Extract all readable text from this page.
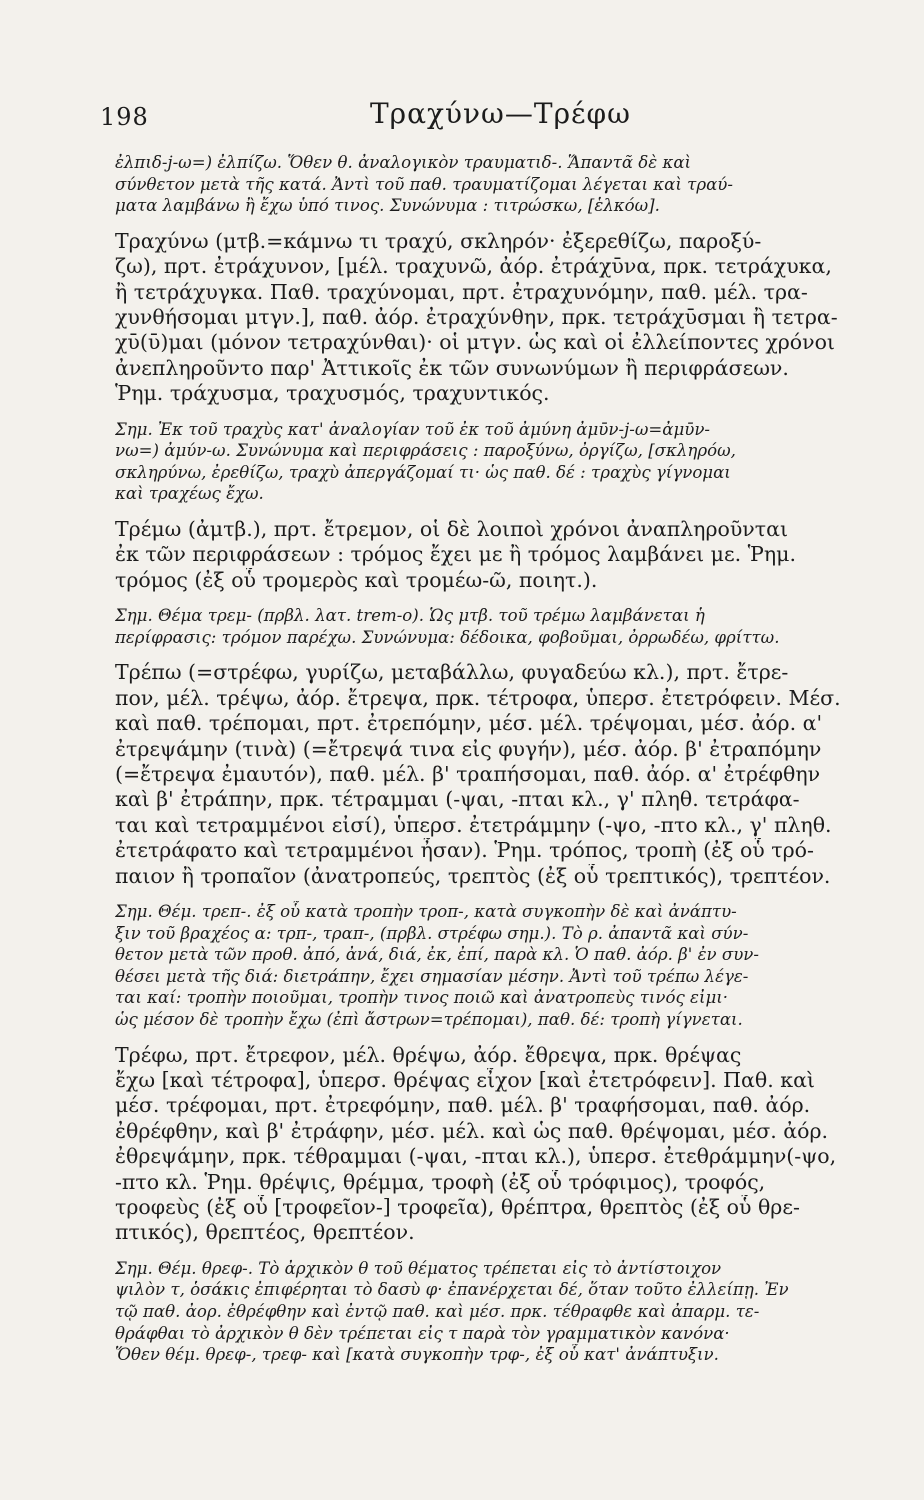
198	Τραχύνω—Τρέφω
ἐλπιδ-j-ω=) ἐλπίζω. Ὅθεν θ. ἀναλογικὸν τραυματιδ-. Ἅπαντᾶ δὲ καὶ
σύνθετον μετὰ τῆς κατά. Ἀντὶ τοῦ παθ. τραυματίζομαι λέγεται καὶ τραύ-
ματα λαμβάνω ἢ ἔχω ὑπό τινος. Συνώνυμα : τιτρώσκω, [ἑλκόω].
Τραχύνω (μτβ.=κάμνω τι τραχύ, σκληρόν· ἐξερεθίζω, παροξύ-
ζω), πρτ. ἐτράχυνον, [μέλ. τραχυνῶ, ἀόρ. ἐτράχῡνα, πρκ. τετράχυκα,
ἢ τετράχυγκα. Παθ. τραχύνομαι, πρτ. ἐτραχυνόμην, παθ. μέλ. τρα-
χυνθήσομαι μτγν.], παθ. ἀόρ. ἐτραχύνθην, πρκ. τετράχῡσμαι ἢ τετρα-
χῡ(ῡ)μαι (μόνον τετραχύνθαι)· οἱ μτγν. ὡς καὶ οἱ ἐλλείποντες χρόνοι
ἀνεπληροῦντο παρ' Ἀττικοῖς ἐκ τῶν συνωνύμων ἢ περιφράσεων.
Ῥημ. τράχυσμα, τραχυσμός, τραχυντικός.
Σημ. Ἐκ τοῦ τραχὺς κατ' ἀναλογίαν τοῦ ἐκ τοῦ ἀμύνη ἀμῡν-j-ω=ἀμῡν-
νω=) ἀμύν-ω. Συνώνυμα καὶ περιφράσεις : παροξύνω, ὀργίζω, [σκληρόω,
σκληρύνω, ἐρεθίζω, τραχὺ ἀπεργάζομαί τι· ὡς παθ. δέ : τραχὺς γίγνομαι
καὶ τραχέως ἔχω.
Τρέμω (ἀμτβ.), πρτ. ἔτρεμον, οἱ δὲ λοιποὶ χρόνοι ἀναπληροῦνται
ἐκ τῶν περιφράσεων : τρόμος ἔχει με ἢ τρόμος λαμβάνει με. Ῥημ.
τρόμος (ἐξ οὗ τρομερὸς καὶ τρομέω-ῶ, ποιητ.).
Σημ. Θέμα τρεμ- (πρβλ. λατ. trem-o). Ὡς μτβ. τοῦ τρέμω λαμβάνεται ἡ
περίφρασις: τρόμον παρέχω. Συνώνυμα: δέδοικα, φοβοῦμαι, ὀρρωδέω, φρίττω.
Τρέπω (=στρέφω, γυρίζω, μεταβάλλω, φυγαδεύω κλ.), πρτ. ἔτρε-
πον, μέλ. τρέψω, ἀόρ. ἔτρεψα, πρκ. τέτροφα, ὑπερσ. ἐτετρόφειν. Μέσ.
καὶ παθ. τρέπομαι, πρτ. ἐτρεπόμην, μέσ. μέλ. τρέψομαι, μέσ. ἀόρ. α'
ἐτρεψάμην (τινὰ) (=ἔτρεψά τινα εἰς φυγήν), μέσ. ἀόρ. β' ἐτραπόμην
(=ἔτρεψα ἐμαυτόν), παθ. μέλ. β' τραπήσομαι, παθ. ἀόρ. α' ἐτρέφθην
καὶ β' ἐτράπην, πρκ. τέτραμμαι (-ψαι, -πται κλ., γ' πληθ. τετράφα-
ται καὶ τετραμμένοι εἰσί), ὑπερσ. ἐτετράμμην (-ψο, -πτο κλ., γ' πληθ.
ἐτετράφατο καὶ τετραμμένοι ἦσαν). Ῥημ. τρόπος, τροπὴ (ἐξ οὗ τρό-
παιον ἢ τροπαῖον (ἀνατροπεύς, τρεπτὸς (ἐξ οὗ τρεπτικός), τρεπτέον.
Σημ. Θέμ. τρεπ-. ἐξ οὗ κατὰ τροπὴν τροπ-, κατὰ συγκοπὴν δὲ καὶ ἀνάπτυ-
ξιν τοῦ βραχέος α: τρπ-, τραπ-, (πρβλ. στρέφω σημ.). Τὸ ρ. ἀπαντᾶ καὶ σύν-
θετον μετὰ τῶν προθ. ἀπό, ἀνά, διά, ἐκ, ἐπί, παρὰ κλ. Ὁ παθ. ἀόρ. β' ἐν συν-
θέσει μετὰ τῆς διά: διετράπην, ἔχει σημασίαν μέσην. Ἀντὶ τοῦ τρέπω λέγε-
ται καί: τροπὴν ποιοῦμαι, τροπὴν τινος ποιῶ καὶ ἀνατροπεὺς τινός εἰμι·
ὡς μέσον δὲ τροπὴν ἔχω (ἐπὶ ἄστρων=τρέπομαι), παθ. δέ: τροπὴ γίγνεται.
Τρέφω, πρτ. ἔτρεφον, μέλ. θρέψω, ἀόρ. ἔθρεψα, πρκ. θρέψας
ἔχω [καὶ τέτροφα], ὑπερσ. θρέψας εἶχον [καὶ ἐτετρόφειν]. Παθ. καὶ
μέσ. τρέφομαι, πρτ. ἐτρεφόμην, παθ. μέλ. β' τραφήσομαι, παθ. ἀόρ.
ἐθρέφθην, καὶ β' ἐτράφην, μέσ. μέλ. καὶ ὡς παθ. θρέψομαι, μέσ. ἀόρ.
ἐθρεψάμην, πρκ. τέθραμμαι (-ψαι, -πται κλ.), ὑπερσ. ἐτεθράμμην(-ψο,
-πτο κλ. Ῥημ. θρέψις, θρέμμα, τροφὴ (ἐξ οὗ τρόφιμος), τροφός,
τροφεὺς (ἐξ οὗ [τροφεῖον-] τροφεῖα), θρέπτρα, θρεπτὸς (ἐξ οὗ θρε-
πτικός), θρεπτέος, θρεπτέον.
Σημ. Θέμ. θρεφ-. Τὸ ἀρχικὸν θ τοῦ θέματος τρέπεται εἰς τὸ ἀντίστοιχον
ψιλὸν τ, ὁσάκις ἐπιφέρηται τὸ δασὺ φ· ἐπανέρχεται δέ, ὅταν τοῦτο ἐλλείπῃ. Ἐν
τῷ παθ. ἀορ. ἐθρέφθην καὶ ἐντῷ παθ. καὶ μέσ. πρκ. τέθραφθε καὶ ἀπαρμ. τε-
θράφθαι τὸ ἀρχικὸν θ δὲν τρέπεται εἰς τ παρὰ τὸν γραμματικὸν κανόνα·
Ὅθεν θέμ. θρεφ-, τρεφ- καὶ [κατὰ συγκοπὴν τρφ-, ἐξ οὗ κατ' ἀνάπτυξιν.
